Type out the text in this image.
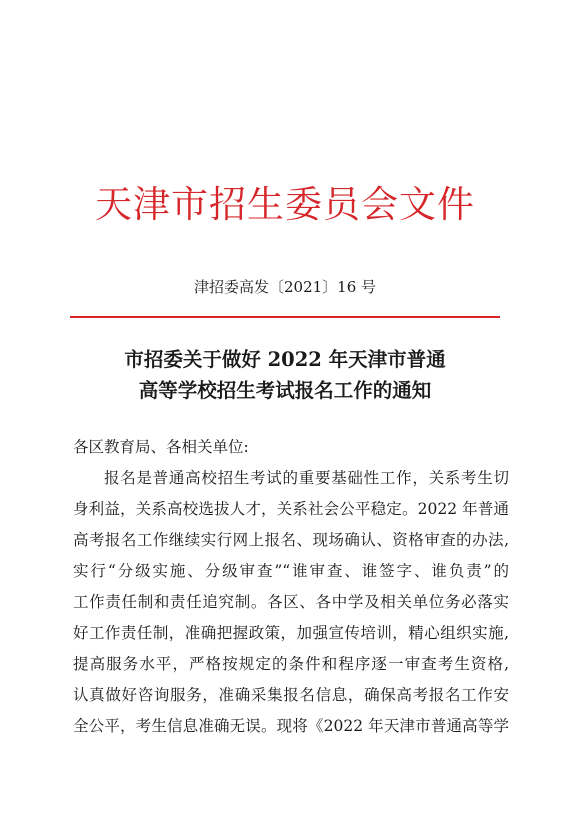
天津市招生委员会文件
津招委高发〔2021〕16 号
市招委关于做好 2022 年天津市普通
高等学校招生考试报名工作的通知
各区教育局、各相关单位:
报名是普通高校招生考试的重要基础性工作，关系考生切
身利益，关系高校选拔人才，关系社会公平稳定。2022 年普通
高考报名工作继续实行网上报名、现场确认、资格审查的办法,
实行“分级实施、分级审查”“谁审查、谁签字、谁负责”的
工作责任制和责任追究制。各区、各中学及相关单位务必落实
好工作责任制，准确把握政策，加强宣传培训，精心组织实施,
提高服务水平，严格按规定的条件和程序逐一审查考生资格,
认真做好咨询服务，准确采集报名信息，确保高考报名工作安
全公平，考生信息准确无误。现将《2022 年天津市普通高等学
